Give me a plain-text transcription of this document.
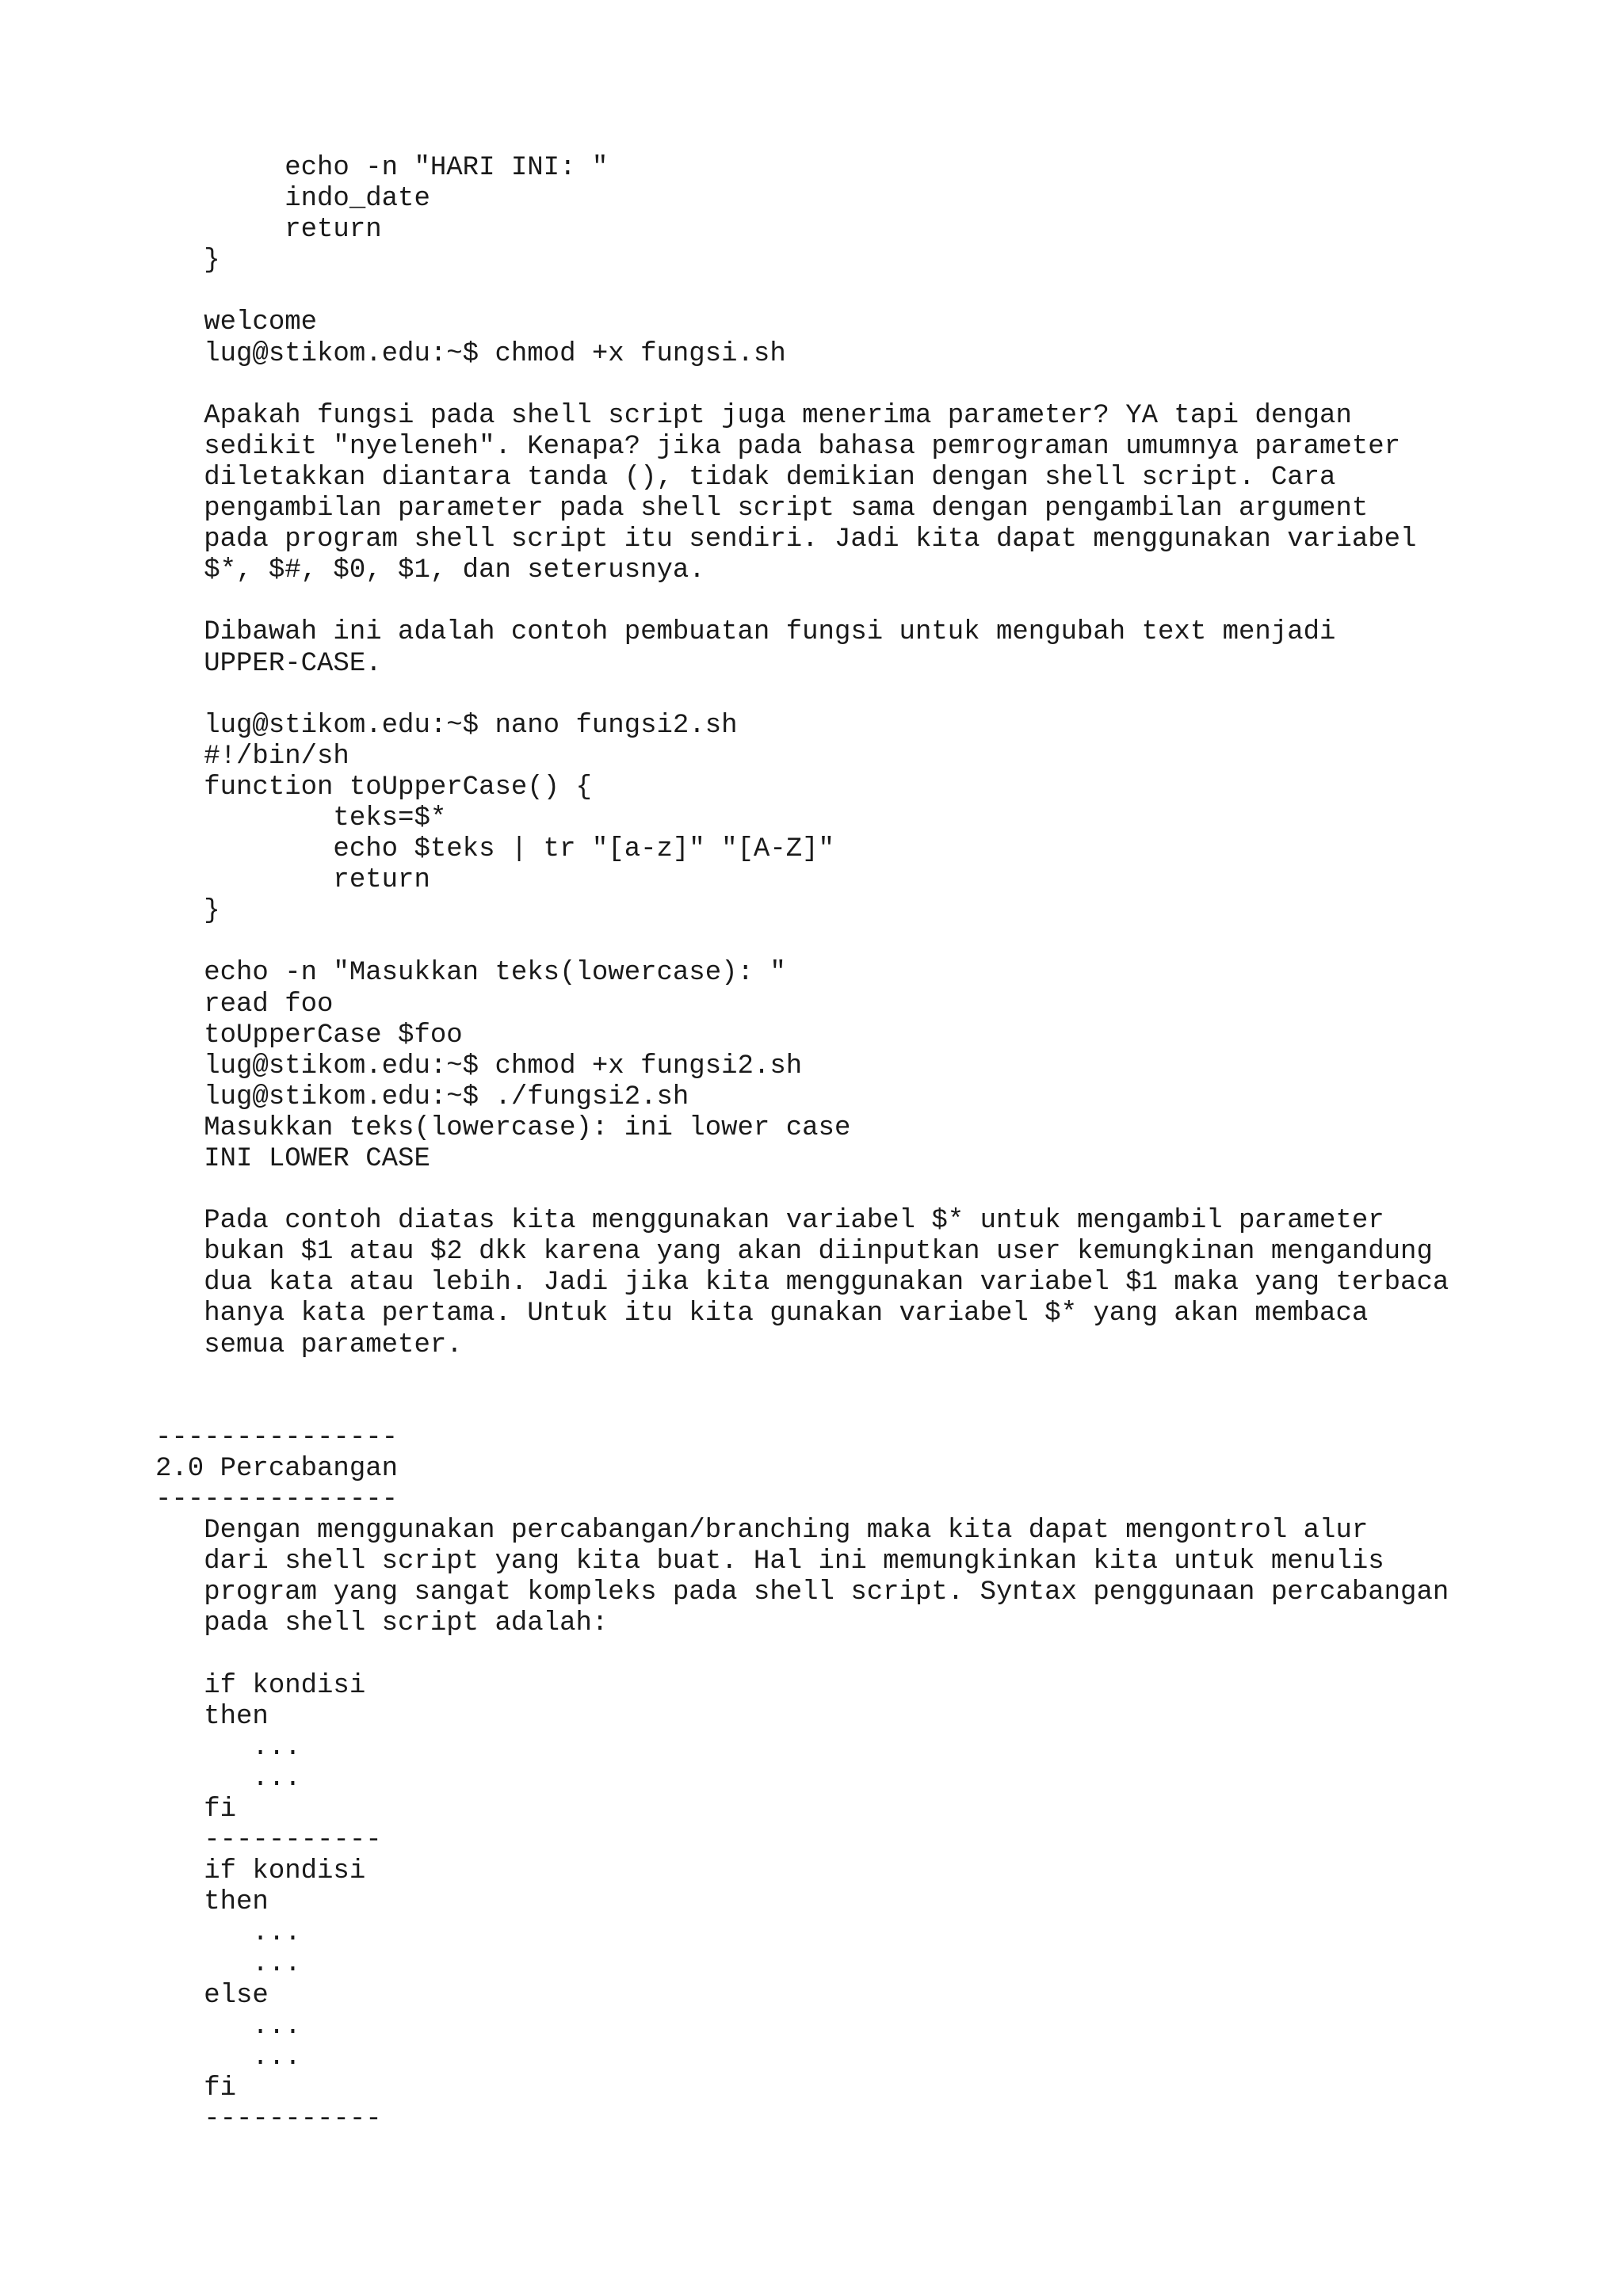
echo -n "HARI INI: "
indo_date
return
}
welcome
lug@stikom.edu:~$ chmod +x fungsi.sh
Apakah fungsi pada shell script juga menerima parameter? YA tapi dengan
sedikit "nyeleneh". Kenapa? jika pada bahasa pemrograman umumnya parameter
diletakkan diantara tanda (), tidak demikian dengan shell script. Cara
pengambilan parameter pada shell script sama dengan pengambilan argument
pada program shell script itu sendiri. Jadi kita dapat menggunakan variabel
$*, $#, $0, $1, dan seterusnya.
Dibawah ini adalah contoh pembuatan fungsi untuk mengubah text menjadi
UPPER-CASE.
lug@stikom.edu:~$ nano fungsi2.sh
#!/bin/sh
function toUpperCase() {
teks=$*
echo $teks | tr "[a-z]" "[A-Z]"
return
}
echo -n "Masukkan teks(lowercase): "
read foo
toUpperCase $foo
lug@stikom.edu:~$ chmod +x fungsi2.sh
lug@stikom.edu:~$ ./fungsi2.sh
Masukkan teks(lowercase): ini lower case
INI LOWER CASE
Pada contoh diatas kita menggunakan variabel $* untuk mengambil parameter
bukan $1 atau $2 dkk karena yang akan diinputkan user kemungkinan mengandung
dua kata atau lebih. Jadi jika kita menggunakan variabel $1 maka yang terbaca
hanya kata pertama. Untuk itu kita gunakan variabel $* yang akan membaca
semua parameter.
---------------
2.0 Percabangan
---------------
Dengan menggunakan percabangan/branching maka kita dapat mengontrol alur
dari shell script yang kita buat. Hal ini memungkinkan kita untuk menulis
program yang sangat kompleks pada shell script. Syntax penggunaan percabangan
pada shell script adalah:
if kondisi
then
...
...
fi
-----------
if kondisi
then
...
...
else
...
...
fi
-----------
